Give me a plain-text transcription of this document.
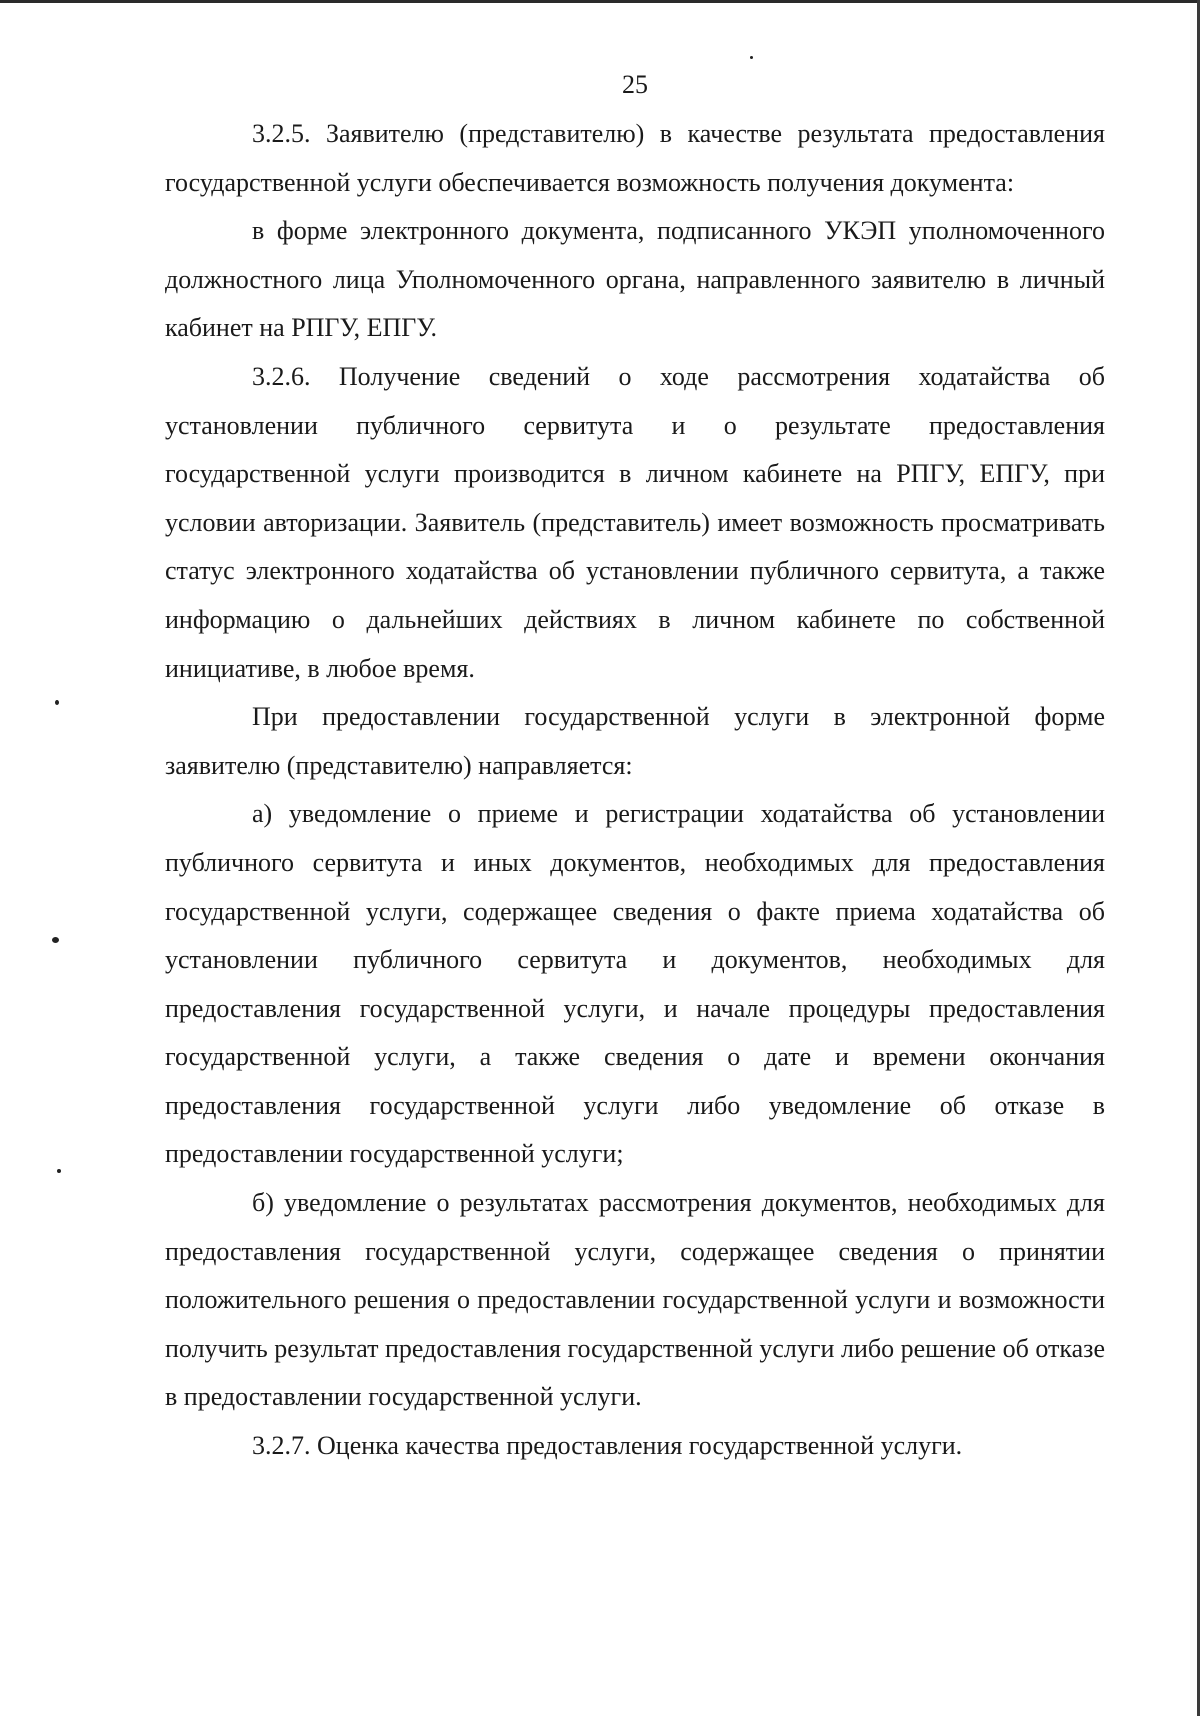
25

3.2.5. Заявителю (представителю) в качестве результата предоставления государственной услуги обеспечивается возможность получения документа:

в форме электронного документа, подписанного УКЭП уполномоченного должностного лица Уполномоченного органа, направленного заявителю в личный кабинет на РПГУ, ЕПГУ.

3.2.6. Получение сведений о ходе рассмотрения ходатайства об установлении публичного сервитута и о результате предоставления государственной услуги производится в личном кабинете на РПГУ, ЕПГУ, при условии авторизации. Заявитель (представитель) имеет возможность просматривать статус электронного ходатайства об установлении публичного сервитута, а также информацию о дальнейших действиях в личном кабинете по собственной инициативе, в любое время.

При предоставлении государственной услуги в электронной форме заявителю (представителю) направляется:

а) уведомление о приеме и регистрации ходатайства об установлении публичного сервитута и иных документов, необходимых для предоставления государственной услуги, содержащее сведения о факте приема ходатайства об установлении публичного сервитута и документов, необходимых для предоставления государственной услуги, и начале процедуры предоставления государственной услуги, а также сведения о дате и времени окончания предоставления государственной услуги либо уведомление об отказе в предоставлении государственной услуги;

б) уведомление о результатах рассмотрения документов, необходимых для предоставления государственной услуги, содержащее сведения о принятии положительного решения о предоставлении государственной услуги и возможности получить результат предоставления государственной услуги либо решение об отказе в предоставлении государственной услуги.

3.2.7. Оценка качества предоставления государственной услуги.
